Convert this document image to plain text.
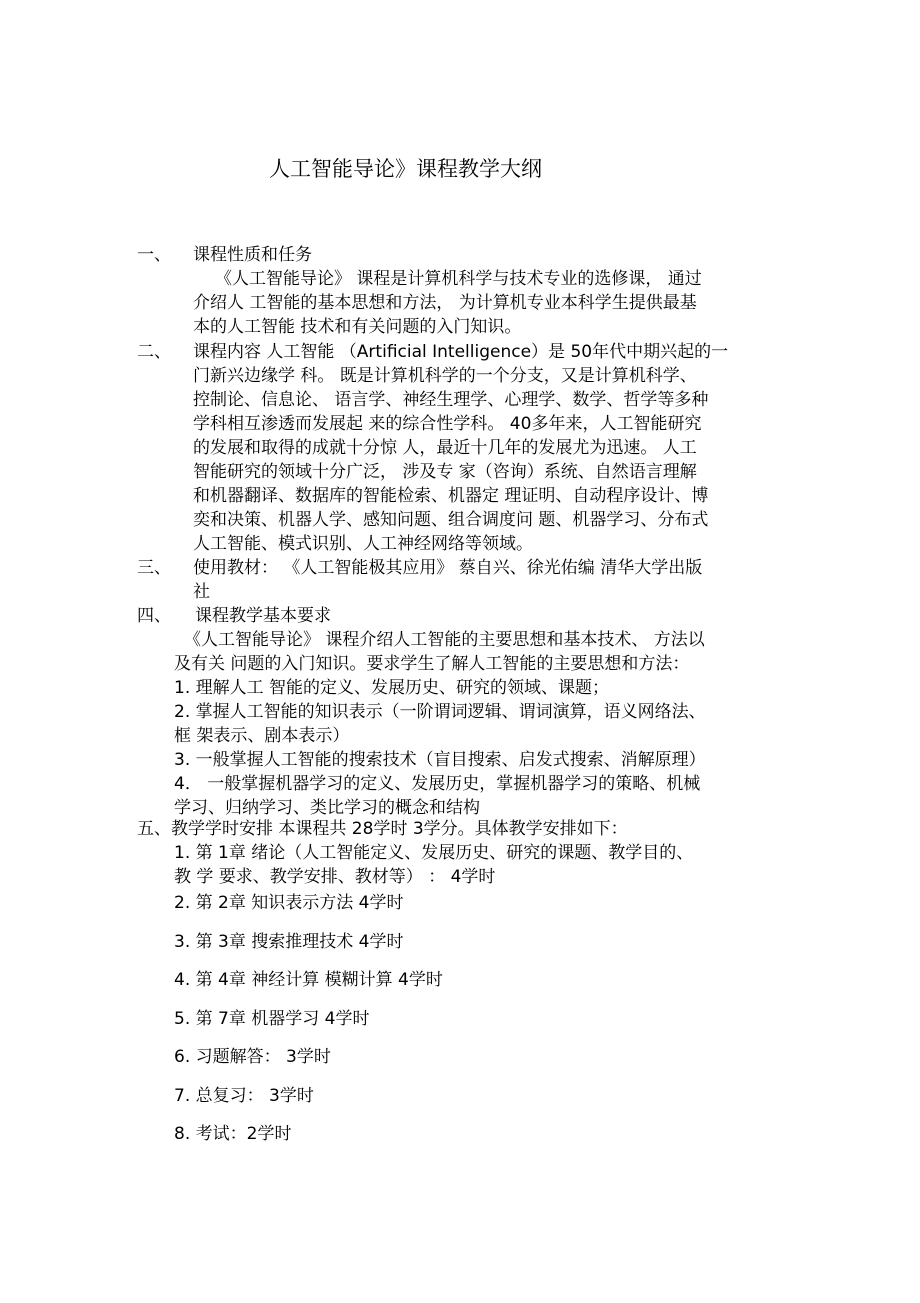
人工智能导论》课程教学大纲
一、 课程性质和任务
《人工智能导论》 课程是计算机科学与技术专业的选修课， 通过
介绍人 工智能的基本思想和方法， 为计算机专业本科学生提供最基
本的人工智能 技术和有关问题的入门知识。
二、 课程内容 人工智能 （Artificial Intelligence）是 50年代中期兴起的一
门新兴边缘学 科。 既是计算机科学的一个分支，又是计算机科学、
控制论、信息论、 语言学、神经生理学、心理学、数学、哲学等多种
学科相互渗透而发展起 来的综合性学科。 40多年来，人工智能研究
的发展和取得的成就十分惊 人，最近十几年的发展尤为迅速。 人工
智能研究的领域十分广泛， 涉及专 家（咨询）系统、自然语言理解
和机器翻译、数据库的智能检索、机器定 理证明、自动程序设计、博
奕和决策、机器人学、感知问题、组合调度问 题、机器学习、分布式
人工智能、模式识别、人工神经网络等领域。
三、 使用教材： 《人工智能极其应用》 蔡自兴、徐光佑编 清华大学出版
社
四、 课程教学基本要求
《人工智能导论》 课程介绍人工智能的主要思想和基本技术、 方法以
及有关 问题的入门知识。要求学生了解人工智能的主要思想和方法：
1. 理解人工 智能的定义、发展历史、研究的领域、课题；
2. 掌握人工智能的知识表示（一阶谓词逻辑、谓词演算，语义网络法、
框 架表示、剧本表示）
3. 一般掌握人工智能的搜索技术（盲目搜索、启发式搜索、消解原理）
4． 一般掌握机器学习的定义、发展历史，掌握机器学习的策略、机械
学习、归纳学习、类比学习的概念和结构
五、教学学时安排 本课程共 28学时 3学分。具体教学安排如下：
1. 第 1章 绪论（人工智能定义、发展历史、研究的课题、教学目的、
教 学 要求、教学安排、教材等） ： 4学时
2. 第 2章 知识表示方法 4学时
3. 第 3章 搜索推理技术 4学时
4. 第 4章 神经计算 模糊计算 4学时
5. 第 7章 机器学习 4学时
6. 习题解答： 3学时
7. 总复习： 3学时
8. 考试：2学时
